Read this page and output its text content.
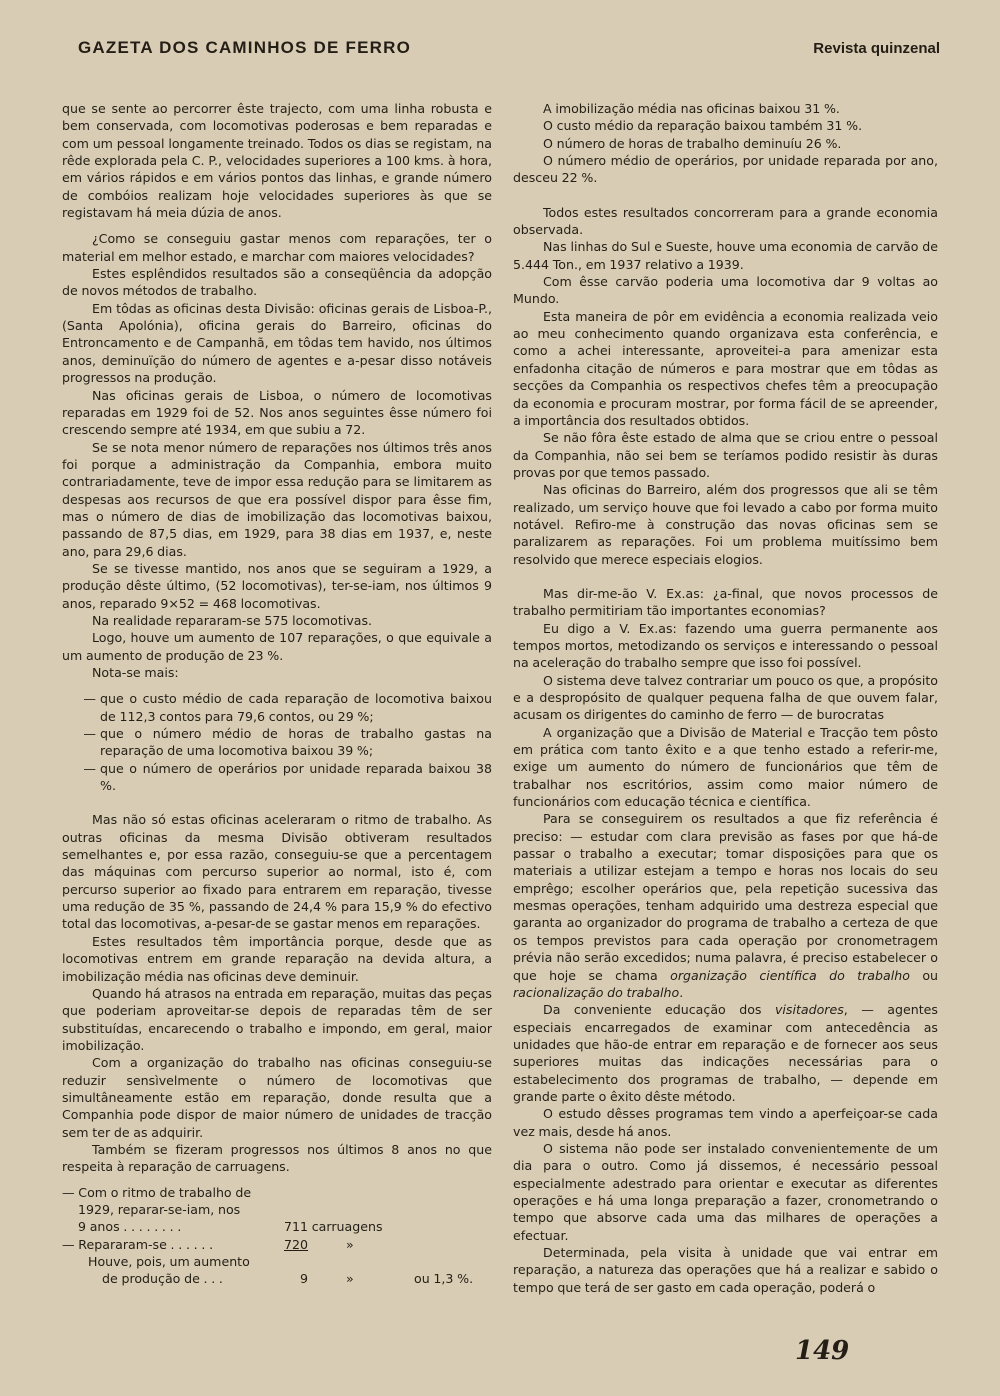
GAZETA DOS CAMINHOS DE FERRO	Revista quinzenal

que se sente ao percorrer êste trajecto, com uma linha robusta e bem conservada, com locomotivas poderosas e bem reparadas e com um pessoal longamente treinado. Todos os dias se registam, na rêde explorada pela C. P., velocidades superiores a 100 kms. à hora, em vários rápidos e em vários pontos das linhas, e grande número de combóios realizam hoje velocidades superiores às que se registavam há meia dúzia de anos.

¿Como se conseguiu gastar menos com reparações, ter o material em melhor estado, e marchar com maiores velocidades?

Estes esplêndidos resultados são a conseqüência da adopção de novos métodos de trabalho.

Em tôdas as oficinas desta Divisão: oficinas gerais de Lisboa-P., (Santa Apolónia), oficina gerais do Barreiro, oficinas do Entroncamento e de Campanhã, em tôdas tem havido, nos últimos anos, deminuïção do número de agentes e a-pesar disso notáveis progressos na produção.

Nas oficinas gerais de Lisboa, o número de locomotivas reparadas em 1929 foi de 52. Nos anos seguintes êsse número foi crescendo sempre até 1934, em que subiu a 72.

Se se nota menor número de reparações nos últimos três anos foi porque a administração da Companhia, embora muito contrariadamente, teve de impor essa redução para se limitarem as despesas aos recursos de que era possível dispor para êsse fim, mas o número de dias de imobilização das locomotivas baixou, passando de 87,5 dias, em 1929, para 38 dias em 1937, e, neste ano, para 29,6 dias.

Se se tivesse mantido, nos anos que se seguiram a 1929, a produção dêste último, (52 locomotivas), ter-se-iam, nos últimos 9 anos, reparado 9×52 = 468 locomotivas.

Na realidade repararam-se 575 locomotivas.

Logo, houve um aumento de 107 reparações, o que equivale a um aumento de produção de 23 %.

Nota-se mais:

— que o custo médio de cada reparação de locomotiva baixou de 112,3 contos para 79,6 contos, ou 29 %;
— que o número médio de horas de trabalho gastas na reparação de uma locomotiva baixou 39 %;
— que o número de operários por unidade reparada baixou 38 %.

Mas não só estas oficinas aceleraram o ritmo de trabalho. As outras oficinas da mesma Divisão obtiveram resultados semelhantes e, por essa razão, conseguiu-se que a percentagem das máquinas com percurso superior ao normal, isto é, com percurso superior ao fixado para entrarem em reparação, tivesse uma redução de 35 %, passando de 24,4 % para 15,9 % do efectivo total das locomotivas, a-pesar-de se gastar menos em reparações.

Estes resultados têm importância porque, desde que as locomotivas entrem em grande reparação na devida altura, a imobilização média nas oficinas deve deminuir.

Quando há atrasos na entrada em reparação, muitas das peças que poderiam aproveitar-se depois de reparadas têm de ser substituídas, encarecendo o trabalho e impondo, em geral, maior imobilização.

Com a organização do trabalho nas oficinas conseguiu-se reduzir sensìvelmente o número de locomotivas que simultâneamente estão em reparação, donde resulta que a Companhia pode dispor de maior número de unidades de tracção sem ter de as adquirir.

Também se fizeram progressos nos últimos 8 anos no que respeita à reparação de carruagens.

— Com o ritmo de trabalho de
1929, reparar-se-iam, nos
9 anos . . . . . . . .	711 carruagens
— Repararam-se . . . . . .	720	»
Houve, pois, um aumento
de produção de . . .	9	»	ou 1,3 %.

A imobilização média nas oficinas baixou 31 %.

O custo médio da reparação baixou também 31 %.

O número de horas de trabalho deminuíu 26 %.

O número médio de operários, por unidade reparada por ano, desceu 22 %.

Todos estes resultados concorreram para a grande economia observada.

Nas linhas do Sul e Sueste, houve uma economia de carvão de 5.444 Ton., em 1937 relativo a 1939.

Com êsse carvão poderia uma locomotiva dar 9 voltas ao Mundo.

Esta maneira de pôr em evidência a economia realizada veio ao meu conhecimento quando organizava esta conferência, e como a achei interessante, aproveitei-a para amenizar esta enfadonha citação de números e para mostrar que em tôdas as secções da Companhia os respectivos chefes têm a preocupação da economia e procuram mostrar, por forma fácil de se apreender, a importância dos resultados obtidos.

Se não fôra êste estado de alma que se criou entre o pessoal da Companhia, não sei bem se teríamos podido resistir às duras provas por que temos passado.

Nas oficinas do Barreiro, além dos progressos que ali se têm realizado, um serviço houve que foi levado a cabo por forma muito notável. Refiro-me à construção das novas oficinas sem se paralizarem as reparações. Foi um problema muitíssimo bem resolvido que merece especiais elogios.

Mas dir-me-ão V. Ex.as: ¿a-final, que novos processos de trabalho permitiriam tão importantes economias?

Eu digo a V. Ex.as: fazendo uma guerra permanente aos tempos mortos, metodizando os serviços e interessando o pessoal na aceleração do trabalho sempre que isso foi possível.

O sistema deve talvez contrariar um pouco os que, a propósito e a despropósito de qualquer pequena falha de que ouvem falar, acusam os dirigentes do caminho de ferro — de burocratas

A organização que a Divisão de Material e Tracção tem pôsto em prática com tanto êxito e a que tenho estado a referir-me, exige um aumento do número de funcionários que têm de trabalhar nos escritórios, assim como maior número de funcionários com educação técnica e científica.

Para se conseguirem os resultados a que fiz referência é preciso: — estudar com clara previsão as fases por que há-de passar o trabalho a executar; tomar disposições para que os materiais a utilizar estejam a tempo e horas nos locais do seu emprêgo; escolher operários que, pela repetição sucessiva das mesmas operações, tenham adquirido uma destreza especial que garanta ao organizador do programa de trabalho a certeza de que os tempos previstos para cada operação por cronometragem prévia não serão excedidos; numa palavra, é preciso estabelecer o que hoje se chama organização científica do trabalho ou racionalização do trabalho.

Da conveniente educação dos visitadores, — agentes especiais encarregados de examinar com antecedência as unidades que hão-de entrar em reparação e de fornecer aos seus superiores muitas das indicações necessárias para o estabelecimento dos programas de trabalho, — depende em grande parte o êxito dêste método.

O estudo dêsses programas tem vindo a aperfeiçoar-se cada vez mais, desde há anos.

O sistema não pode ser instalado convenientemente de um dia para o outro. Como já dissemos, é necessário pessoal especialmente adestrado para orientar e executar as diferentes operações e há uma longa preparação a fazer, cronometrando o tempo que absorve cada uma das milhares de operações a efectuar.

Determinada, pela visita à unidade que vai entrar em reparação, a natureza das operações que há a realizar e sabido o tempo que terá de ser gasto em cada operação, poderá o

149
